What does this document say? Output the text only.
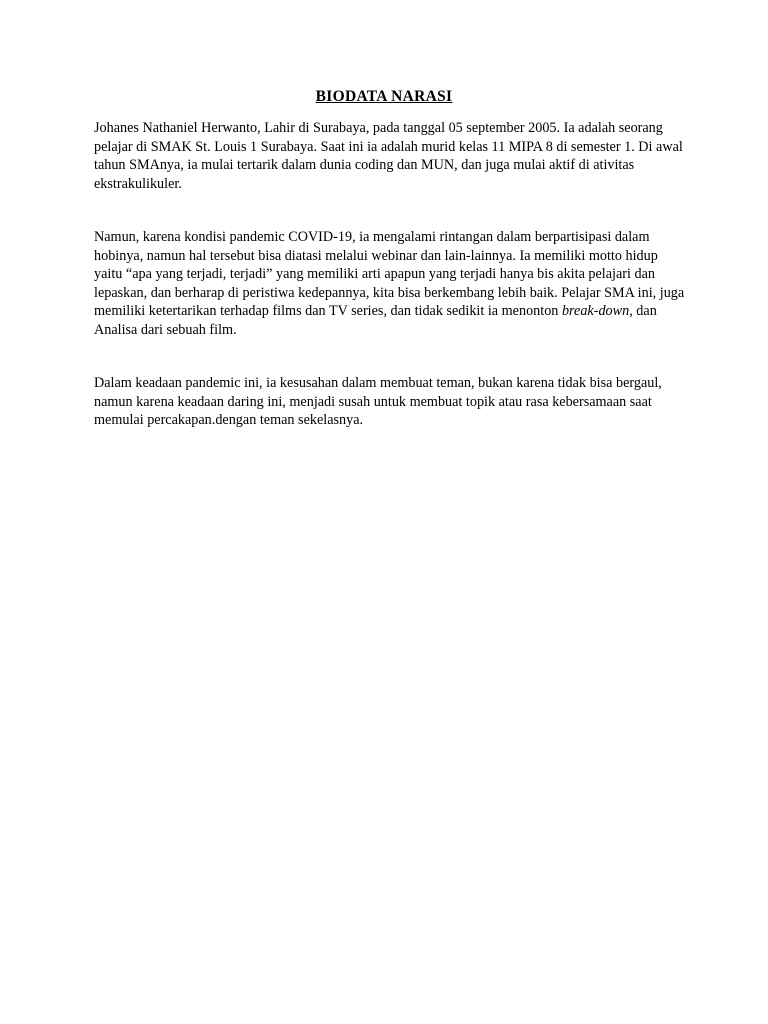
BIODATA NARASI

Johanes Nathaniel Herwanto, Lahir di Surabaya, pada tanggal 05 september 2005. Ia adalah seorang pelajar di SMAK St. Louis 1 Surabaya. Saat ini ia adalah murid kelas 11 MIPA 8 di semester 1. Di awal tahun SMAnya, ia mulai tertarik dalam dunia coding dan MUN, dan juga mulai aktif di ativitas ekstrakulikuler.

Namun, karena kondisi pandemic COVID-19, ia mengalami rintangan dalam berpartisipasi dalam hobinya, namun hal tersebut bisa diatasi melalui webinar dan lain-lainnya. Ia memiliki motto hidup yaitu “apa yang terjadi, terjadi” yang memiliki arti apapun yang terjadi hanya bis akita pelajari dan lepaskan, dan berharap di peristiwa kedepannya, kita bisa berkembang lebih baik. Pelajar SMA ini, juga memiliki ketertarikan terhadap films dan TV series, dan tidak sedikit ia menonton break-down, dan Analisa dari sebuah film.

Dalam keadaan pandemic ini, ia kesusahan dalam membuat teman, bukan karena tidak bisa bergaul, namun karena keadaan daring ini, menjadi susah untuk membuat topik atau rasa kebersamaan saat memulai percakapan.dengan teman sekelasnya.
